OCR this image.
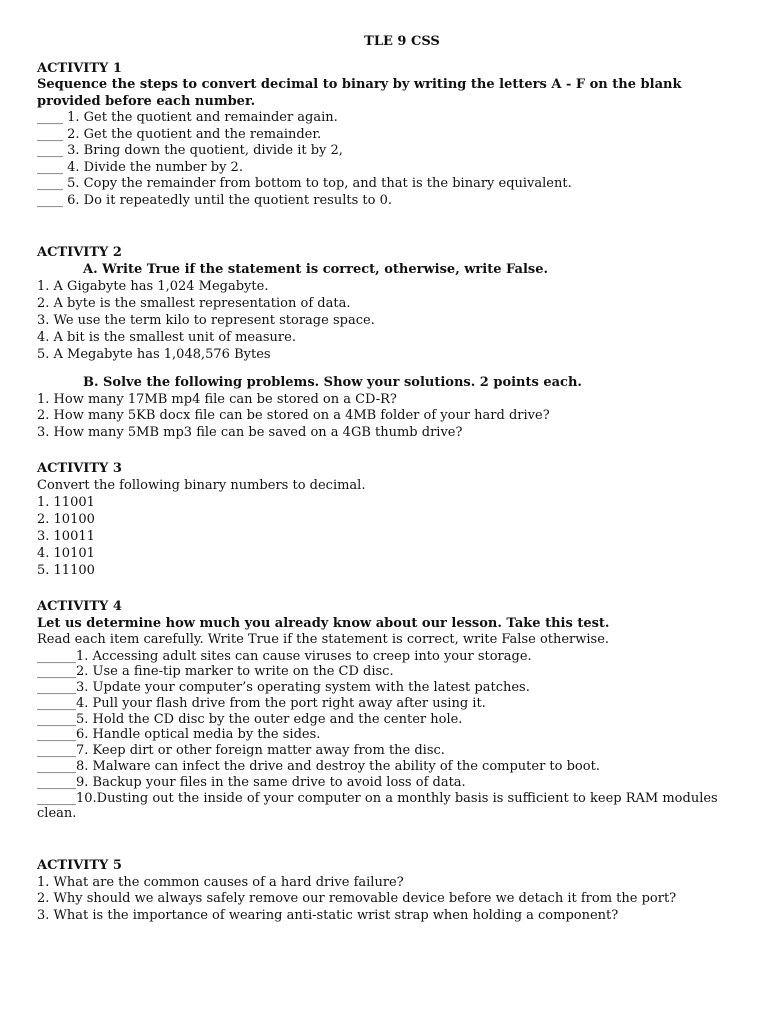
TLE 9 CSS
ACTIVITY 1
Sequence the steps to convert decimal to binary by writing the letters A - F on the blank provided before each number.
____ 1. Get the quotient and remainder again.
____ 2. Get the quotient and the remainder.
____ 3. Bring down the quotient, divide it by 2,
____ 4. Divide the number by 2.
____ 5. Copy the remainder from bottom to top, and that is the binary equivalent.
____ 6. Do it repeatedly until the quotient results to 0.
ACTIVITY 2
A. Write True if the statement is correct, otherwise, write False.
1. A Gigabyte has 1,024 Megabyte.
2. A byte is the smallest representation of data.
3. We use the term kilo to represent storage space.
4. A bit is the smallest unit of measure.
5. A Megabyte has 1,048,576 Bytes
B. Solve the following problems. Show your solutions. 2 points each.
1. How many 17MB mp4 file can be stored on a CD-R?
2. How many 5KB docx file can be stored on a 4MB folder of your hard drive?
3. How many 5MB mp3 file can be saved on a 4GB thumb drive?
ACTIVITY 3
Convert the following binary numbers to decimal.
1. 11001
2. 10100
3. 10011
4. 10101
5. 11100
ACTIVITY 4
Let us determine how much you already know about our lesson. Take this test.
Read each item carefully. Write True if the statement is correct, write False otherwise.
______1. Accessing adult sites can cause viruses to creep into your storage.
______2. Use a fine-tip marker to write on the CD disc.
______3. Update your computer’s operating system with the latest patches.
______4. Pull your flash drive from the port right away after using it.
______5. Hold the CD disc by the outer edge and the center hole.
______6. Handle optical media by the sides.
______7. Keep dirt or other foreign matter away from the disc.
______8. Malware can infect the drive and destroy the ability of the computer to boot.
______9. Backup your files in the same drive to avoid loss of data.
______10.Dusting out the inside of your computer on a monthly basis is sufficient to keep RAM modules clean.
ACTIVITY 5
1. What are the common causes of a hard drive failure?
2. Why should we always safely remove our removable device before we detach it from the port?
3. What is the importance of wearing anti-static wrist strap when holding a component?
